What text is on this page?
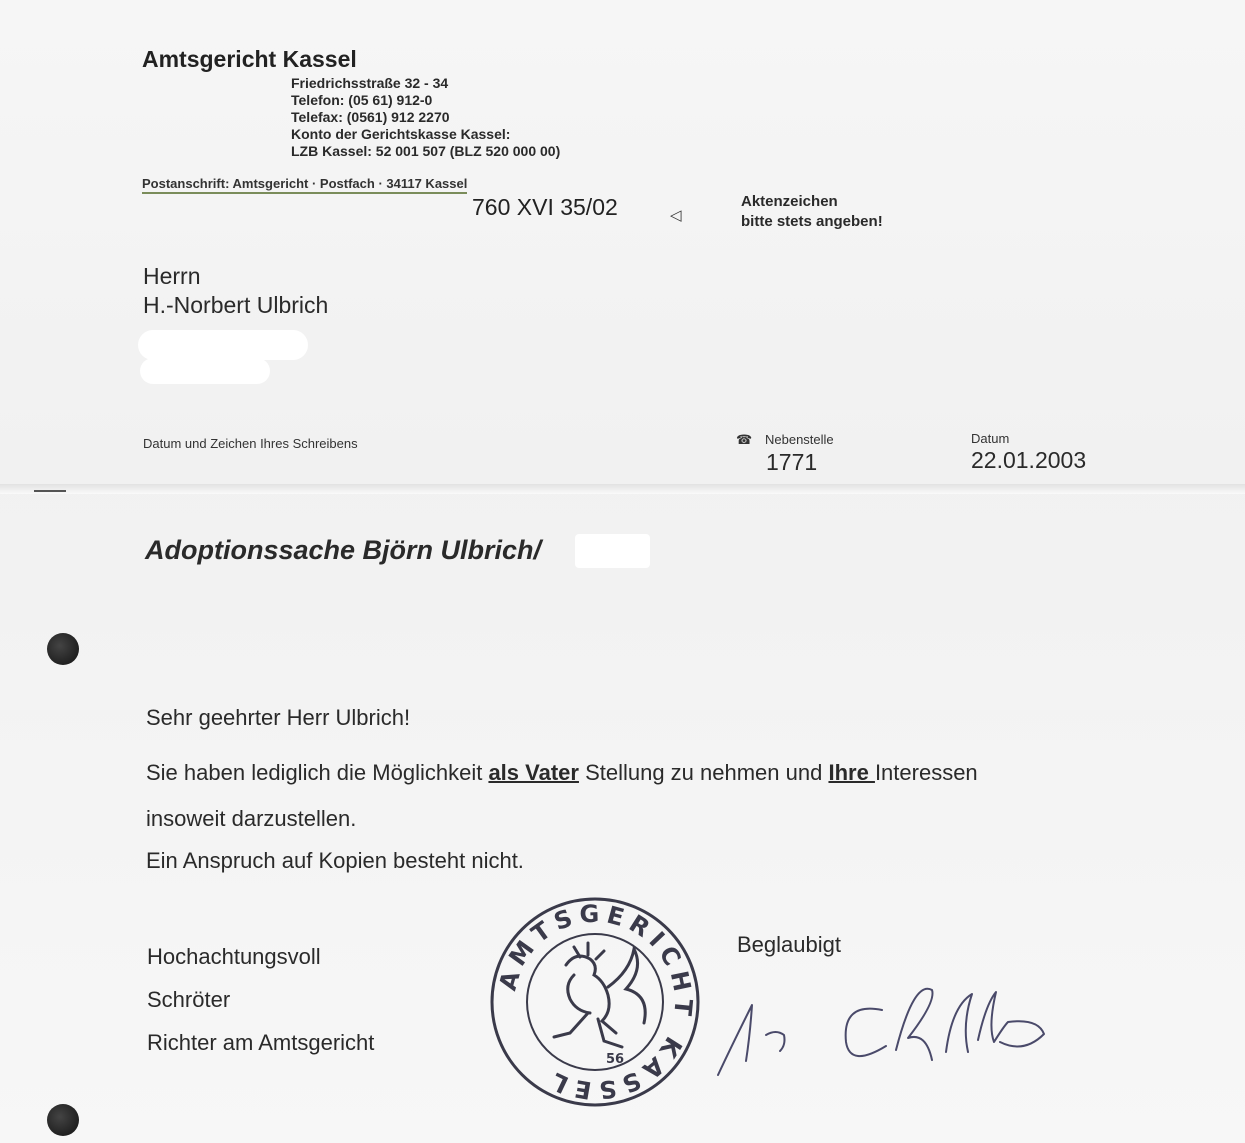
Amtsgericht Kassel
Friedrichsstraße 32 - 34
Telefon: (05 61) 912-0
Telefax: (0561) 912 2270
Konto der Gerichtskasse Kassel:
LZB Kassel: 52 001 507 (BLZ 520 000 00)
Postanschrift: Amtsgericht · Postfach · 34117 Kassel
760 XVI 35/02	◁
Aktenzeichen
bitte stets angeben!
Herrn
H.-Norbert Ulbrich
Datum und Zeichen Ihres Schreibens	☎ Nebenstelle
1771
Datum
22.01.2003
Adoptionssache Björn Ulbrich/
Sehr geehrter Herr Ulbrich!
Sie haben lediglich die Möglichkeit als Vater Stellung zu nehmen und Ihre Interessen
insoweit darzustellen.
Ein Anspruch auf Kopien besteht nicht.
Hochachtungsvoll
Schröter
Richter am Amtsgericht
AMTSGERICHT KASSEL
56
Beglaubigt
